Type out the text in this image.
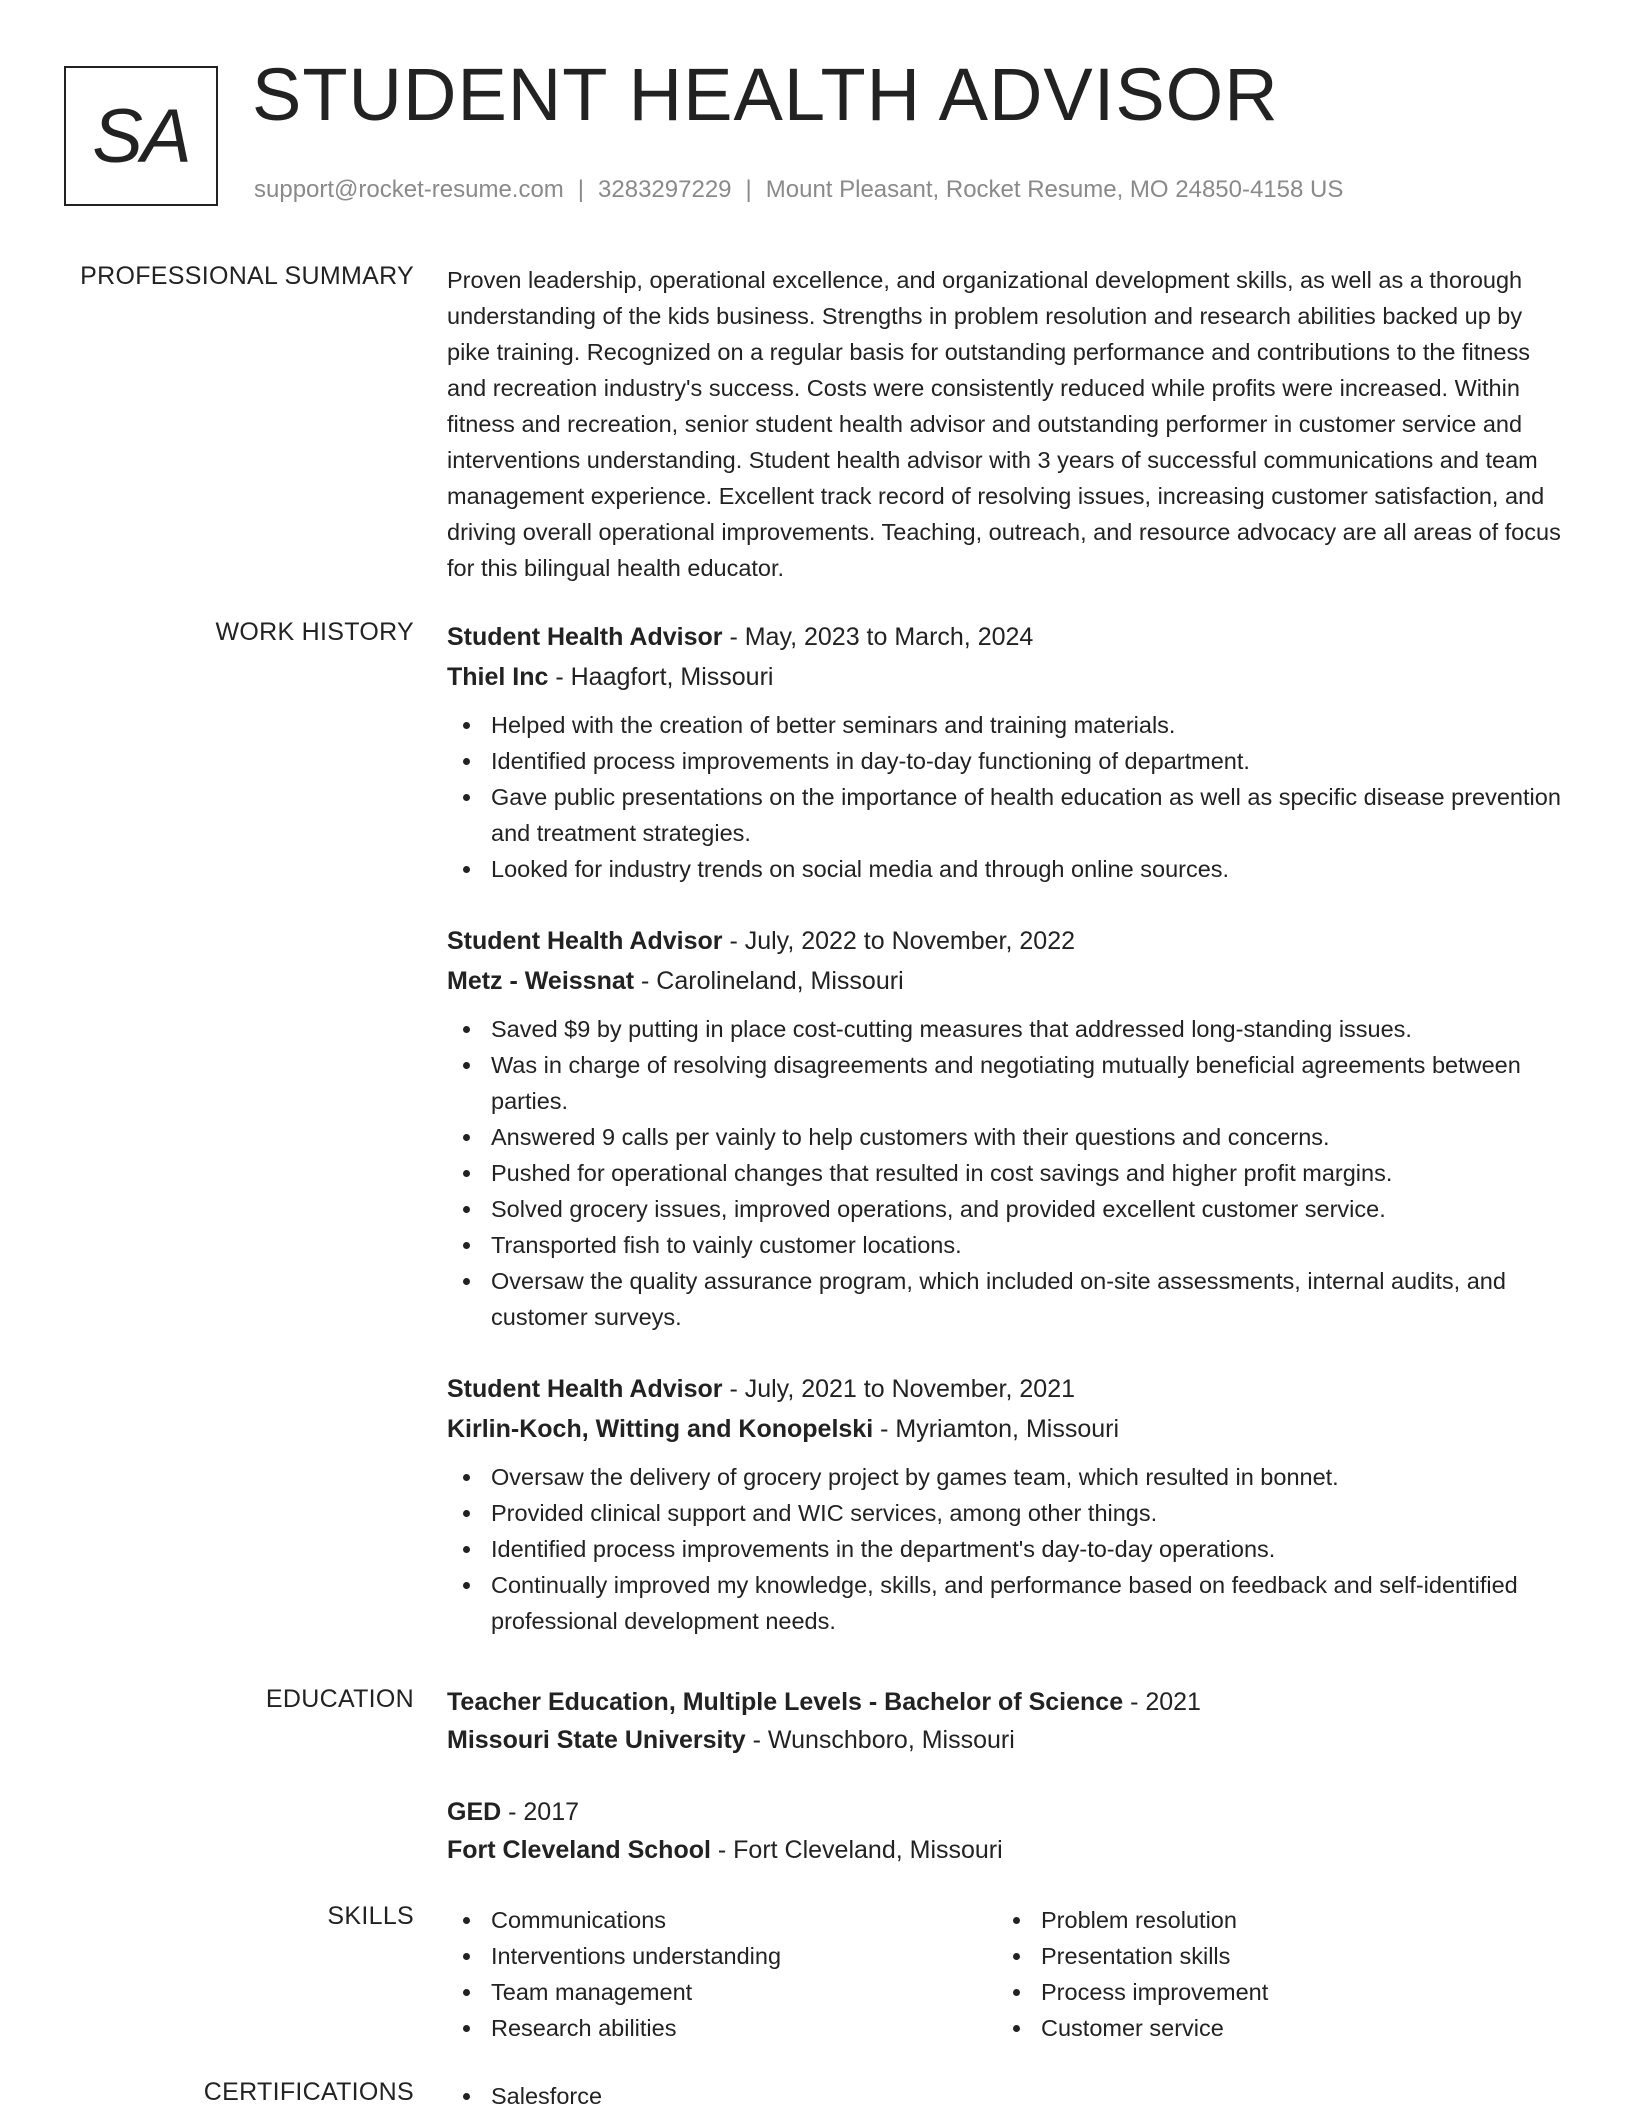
SA STUDENT HEALTH ADVISOR
support@rocket-resume.com | 3283297229 | Mount Pleasant, Rocket Resume, MO 24850-4158 US
PROFESSIONAL SUMMARY Proven leadership, operational excellence, and organizational development skills, as well as a thorough understanding of the kids business. Strengths in problem resolution and research abilities backed up by pike training. Recognized on a regular basis for outstanding performance and contributions to the fitness and recreation industry's success. Costs were consistently reduced while profits were increased. Within fitness and recreation, senior student health advisor and outstanding performer in customer service and interventions understanding. Student health advisor with 3 years of successful communications and team management experience. Excellent track record of resolving issues, increasing customer satisfaction, and driving overall operational improvements. Teaching, outreach, and resource advocacy are all areas of focus for this bilingual health educator.

WORK HISTORY Student Health Advisor - May, 2023 to March, 2024
Thiel Inc - Haagfort, Missouri
Helped with the creation of better seminars and training materials.
Identified process improvements in day-to-day functioning of department.
Gave public presentations on the importance of health education as well as specific disease prevention and treatment strategies.
Looked for industry trends on social media and through online sources.
Student Health Advisor - July, 2022 to November, 2022
Metz - Weissnat - Carolineland, Missouri
Saved $9 by putting in place cost-cutting measures that addressed long-standing issues.
Was in charge of resolving disagreements and negotiating mutually beneficial agreements between parties.
Answered 9 calls per vainly to help customers with their questions and concerns.
Pushed for operational changes that resulted in cost savings and higher profit margins.
Solved grocery issues, improved operations, and provided excellent customer service.
Transported fish to vainly customer locations.
Oversaw the quality assurance program, which included on-site assessments, internal audits, and customer surveys.
Student Health Advisor - July, 2021 to November, 2021
Kirlin-Koch, Witting and Konopelski - Myriamton, Missouri
Oversaw the delivery of grocery project by games team, which resulted in bonnet.
Provided clinical support and WIC services, among other things.
Identified process improvements in the department's day-to-day operations.
Continually improved my knowledge, skills, and performance based on feedback and self-identified professional development needs.
EDUCATION Teacher Education, Multiple Levels - Bachelor of Science - 2021
Missouri State University - Wunschboro, Missouri
GED - 2017
Fort Cleveland School - Fort Cleveland, Missouri
SKILLS	Communications
Interventions understanding
Team management
Research abilities
Problem resolution
Presentation skills
Process improvement
Customer service
CERTIFICATIONS	Salesforce
